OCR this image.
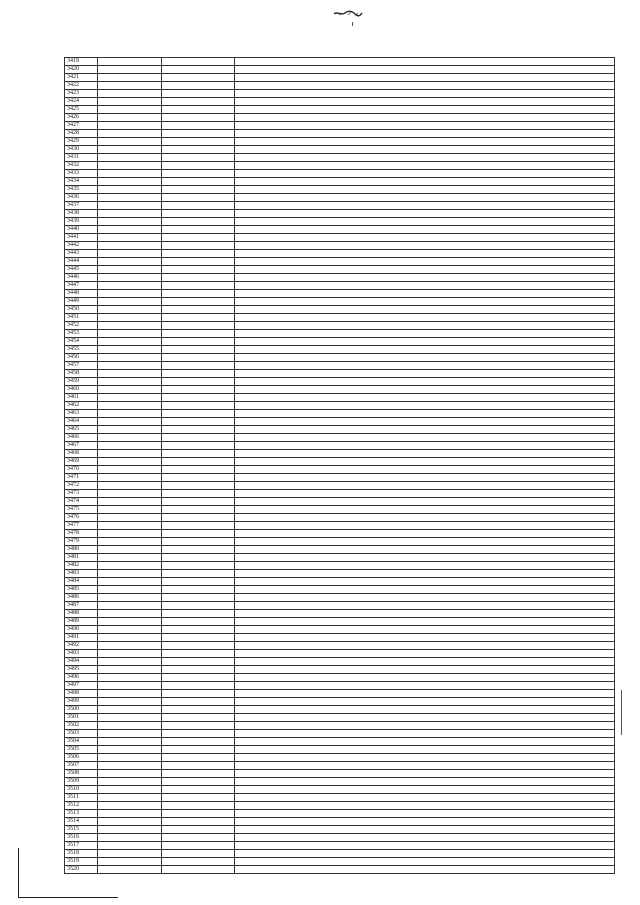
3419			
3420			
3421			
3422			
3423			
3424			
3425			
3426			
3427			
3428			
3429			
3430			
3431			
3432			
3433			
3434			
3435			
3436			
3437			
3438			
3439			
3440			
3441			
3442			
3443			
3444			
3445			
3446			
3447			
3448			
3449			
3450			
3451			
3452			
3453			
3454			
3455			
3456			
3457			
3458			
3459			
3460			
3461			
3462			
3463			
3464			
3465			
3466			
3467			
3468			
3469			
3470			
3471			
3472			
3473			
3474			
3475			
3476			
3477			
3478			
3479			
3480			
3481			
3482			
3483			
3484			
3485			
3486			
3487			
3488			
3489			
3490			
3491			
3492			
3493			
3494			
3495			
3496			
3497			
3498			
3499			
3500			
3501			
3502			
3503			
3504			
3505			
3506			
3507			
3508			
3509			
3510			
3511			
3512			
3513			
3514			
3515			
3516			
3517			
3518			
3519			
3520			
